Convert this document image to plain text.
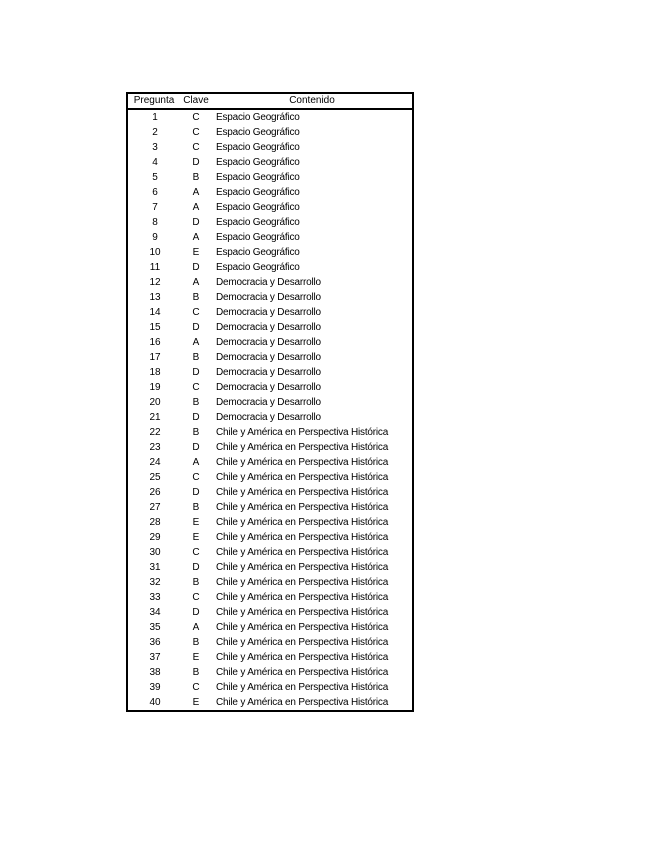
Pregunta	Clave	Contenido
1	C	Espacio Geográfico
2	C	Espacio Geográfico
3	C	Espacio Geográfico
4	D	Espacio Geográfico
5	B	Espacio Geográfico
6	A	Espacio Geográfico
7	A	Espacio Geográfico
8	D	Espacio Geográfico
9	A	Espacio Geográfico
10	E	Espacio Geográfico
11	D	Espacio Geográfico
12	A	Democracia y Desarrollo
13	B	Democracia y Desarrollo
14	C	Democracia y Desarrollo
15	D	Democracia y Desarrollo
16	A	Democracia y Desarrollo
17	B	Democracia y Desarrollo
18	D	Democracia y Desarrollo
19	C	Democracia y Desarrollo
20	B	Democracia y Desarrollo
21	D	Democracia y Desarrollo
22	B	Chile y América en Perspectiva Histórica
23	D	Chile y América en Perspectiva Histórica
24	A	Chile y América en Perspectiva Histórica
25	C	Chile y América en Perspectiva Histórica
26	D	Chile y América en Perspectiva Histórica
27	B	Chile y América en Perspectiva Histórica
28	E	Chile y América en Perspectiva Histórica
29	E	Chile y América en Perspectiva Histórica
30	C	Chile y América en Perspectiva Histórica
31	D	Chile y América en Perspectiva Histórica
32	B	Chile y América en Perspectiva Histórica
33	C	Chile y América en Perspectiva Histórica
34	D	Chile y América en Perspectiva Histórica
35	A	Chile y América en Perspectiva Histórica
36	B	Chile y América en Perspectiva Histórica
37	E	Chile y América en Perspectiva Histórica
38	B	Chile y América en Perspectiva Histórica
39	C	Chile y América en Perspectiva Histórica
40	E	Chile y América en Perspectiva Histórica
